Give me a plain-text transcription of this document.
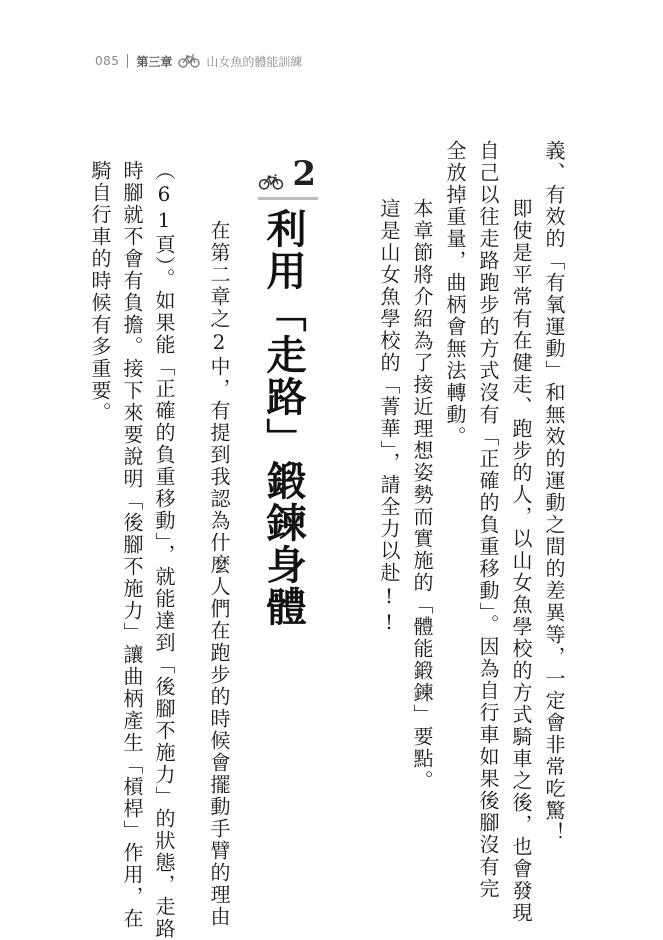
085 第三章	山女魚的體能訓練
義、有效的「有氧運動」和無效的運動之間的差異等，一定會非常吃驚！
即使是平常有在健走、跑步的人，以山女魚學校的方式騎車之後，也會發現
自己以往走路跑步的方式沒有「正確的負重移動」。因為自行車如果後腳沒有完
全放掉重量，曲柄會無法轉動。
本章節將介紹為了接近理想姿勢而實施的「體能鍛鍊」要點。
這是山女魚學校的「菁華」，請全力以赴!!
2
利用「走路」鍛鍊身體
在第二章之2中，有提到我認為什麼人們在跑步的時候會擺動手臂的理由
（61頁）。如果能「正確的負重移動」，就能達到「後腳不施力」的狀態，走路
時腳就不會有負擔。接下來要說明「後腳不施力」讓曲柄產生「槓桿」作用，在
騎自行車的時候有多重要。
